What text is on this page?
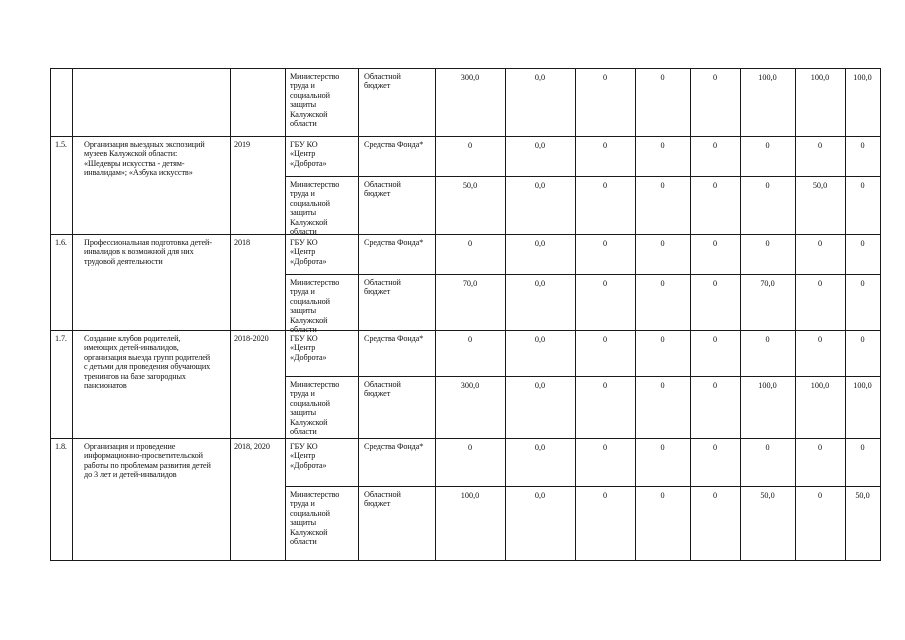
Министерство
труда и
социальной
защиты
Калужской
области
Областной
бюджет
300,0	0,0	0	0	0	100,0	100,0	100,0
1.5. Организация выездных экспозиций
музеев Калужской области:
«Шедевры искусства - детям-
инвалидам»; «Азбука искусств»
2019	ГБУ КО
«Центр
«Доброта»
Средства Фонда*	0	0,0	0	0	0	0	0	0
Министерство
труда и
социальной
защиты
Калужской
области
Областной
бюджет
50,0	0,0	0	0	0	0	50,0	0
1.6. Профессиональная подготовка детей-
инвалидов к возможной для них
трудовой деятельности
2018	ГБУ КО
«Центр
«Доброта»
Средства Фонда*	0	0,0	0	0	0	0	0	0
Министерство
труда и
социальной
защиты
Калужской
области
Областной
бюджет
70,0	0,0	0	0	0	70,0	0	0
1.7. Создание клубов родителей,
имеющих детей-инвалидов,
организация выезда групп родителей
с детьми для проведения обучающих
тренингов на базе загородных
пансионатов
2018-2020	ГБУ КО
«Центр
«Доброта»
Средства Фонда*	0	0,0	0	0	0	0	0	0
Министерство
труда и
социальной
защиты
Калужской
области
Областной
бюджет
300,0	0,0	0	0	0	100,0	100,0	100,0
1.8. Организация и проведение
информационно-просветительской
работы по проблемам развития детей
до 3 лет и детей-инвалидов
2018, 2020 ГБУ КО
«Центр
«Доброта»
Средства Фонда*	0	0,0	0	0	0	0	0	0
Министерство
труда и
социальной
защиты
Калужской
области
Областной
бюджет
100,0	0,0	0	0	0	50,0	0	50,0
